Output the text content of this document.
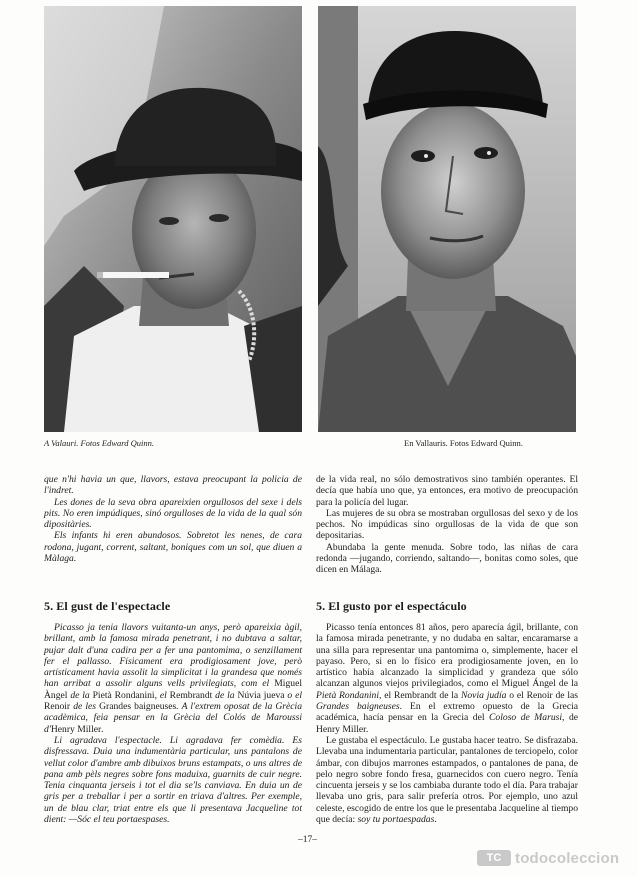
A Valauri. Fotos Edward Quinn.	En Vallauris. Fotos Edward Quinn.

que n'hi havia un que, llavors, estava preocupant la policia de l'indret.

Les dones de la seva obra apareixien orgullosos del sexe i dels pits. No eren impúdiques, sinó orgulloses de la vida de la qual són dipositàries.

Els infants hi eren abundosos. Sobretot les nenes, de cara rodona, jugant, corrent, saltant, boniques com un sol, que diuen a Màlaga.

de la vida real, no sólo demostrativos sino también operantes. El decía que había uno que, ya entonces, era motivo de preocupación para la policía del lugar.

Las mujeres de su obra se mostraban orgullosas del sexo y de los pechos. No impúdicas sino orgullosas de la vida de que son depositarias.

Abundaba la gente menuda. Sobre todo, las niñas de cara redonda —jugando, corriendo, saltando—, bonitas como soles, que dicen en Málaga.

5. El gust de l'espectacle	5. El gusto por el espectáculo

Picasso ja tenia llavors vuitanta-un anys, però apareixia àgil, brillant, amb la famosa mirada penetrant, i no dubtava a saltar, pujar dalt d'una cadira per a fer una pantomima, o senzillament fer el pallasso. Físicament era prodigiosament jove, però artísticament havia assolit la simplicitat i la grandesa que només han arribat a assolir alguns vells privilegiats, com el Miguel Àngel de la Pietà Rondanini, el Rembrandt de la Núvia jueva o el Renoir de les Grandes baigneuses. A l'extrem oposat de la Grècia acadèmica, feia pensar en la Grècia del Colós de Maroussi d'Henry Miller.

Li agradava l'espectacle. Li agradava fer comèdia. Es disfressava. Duia una indumentària particular, uns pantalons de vellut color d'ambre amb dibuixos bruns estampats, o uns altres de pana amb pèls negres sobre fons maduixa, guarnits de cuir negre. Tenia cinquanta jerseis i tot el dia se'ls canviava. En duia un de gris per a treballar i per a sortir en triava d'altres. Per exemple, un de blau clar, triat entre els que li presentava Jacqueline tot dient: —Sóc el teu portaespases.

Picasso tenía entonces 81 años, pero aparecía ágil, brillante, con la famosa mirada penetrante, y no dudaba en saltar, encaramarse a una silla para representar una pantomima o, simplemente, hacer el payaso. Pero, si en lo físico era prodigiosamente joven, en lo artístico había alcanzado la simplicidad y grandeza que sólo alcanzan algunos viejos privilegiados, como el Miguel Ángel de la Pietà Rondanini, el Rembrandt de la Novia judía o el Renoir de las Grandes baigneuses. En el extremo opuesto de la Grecia académica, hacía pensar en la Grecia del Coloso de Marusi, de Henry Miller.

Le gustaba el espectáculo. Le gustaba hacer teatro. Se disfrazaba. Llevaba una indumentaria particular, pantalones de terciopelo, color ámbar, con dibujos marrones estampados, o pantalones de pana, de pelo negro sobre fondo fresa, guarnecidos con cuero negro. Tenía cincuenta jerseis y se los cambiaba durante todo el día. Para trabajar llevaba uno gris, para salir prefería otros. Por ejemplo, uno azul celeste, escogido de entre los que le presentaba Jacqueline al tiempo que decía: soy tu portaespadas.

–17–
TC todocoleccion
